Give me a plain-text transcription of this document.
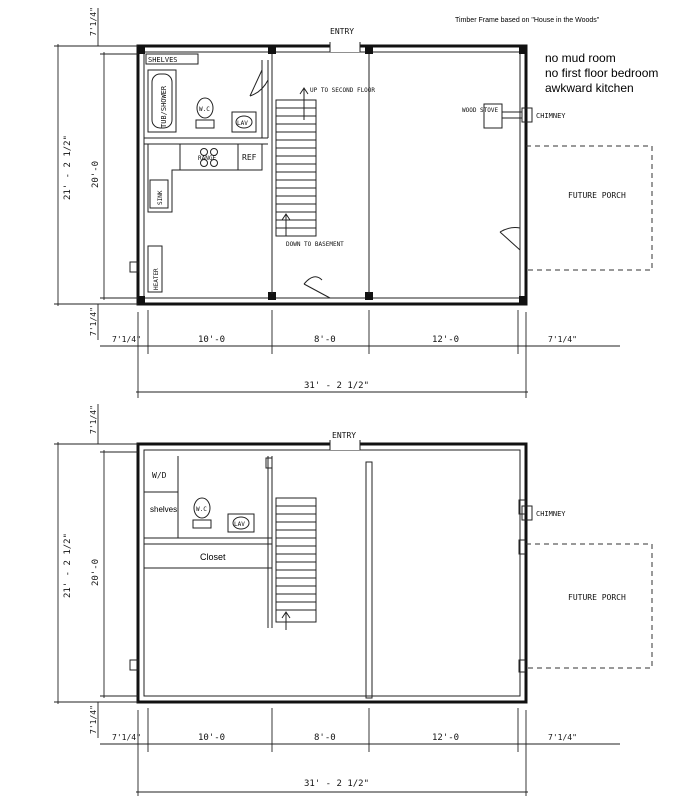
Timber Frame based on "House in the Woods"
no mud room
no first floor bedroom
awkward kitchen
ENTRY
SHELVES
TUB/SHOWER	W.C
LAV
RANGE	REF
SINK
HEATER
UP TO SECOND FLOOR
DOWN TO BASEMENT
WOOD STOVE
CHIMNEY
FUTURE PORCH
7'1/4"
21' - 2 1/2" 20'-0
7'1/4"
7'1/4"	10'-0	8'-0	12'-0	7'1/4"
31' - 2 1/2"
ENTRY
W/D
shelves	W.C
LAV
Closet
CHIMNEY
FUTURE PORCH
7'1/4"
21' - 2 1/2" 20'-0
7'1/4"
7'1/4"	10'-0	8'-0	12'-0	7'1/4"
31' - 2 1/2"
